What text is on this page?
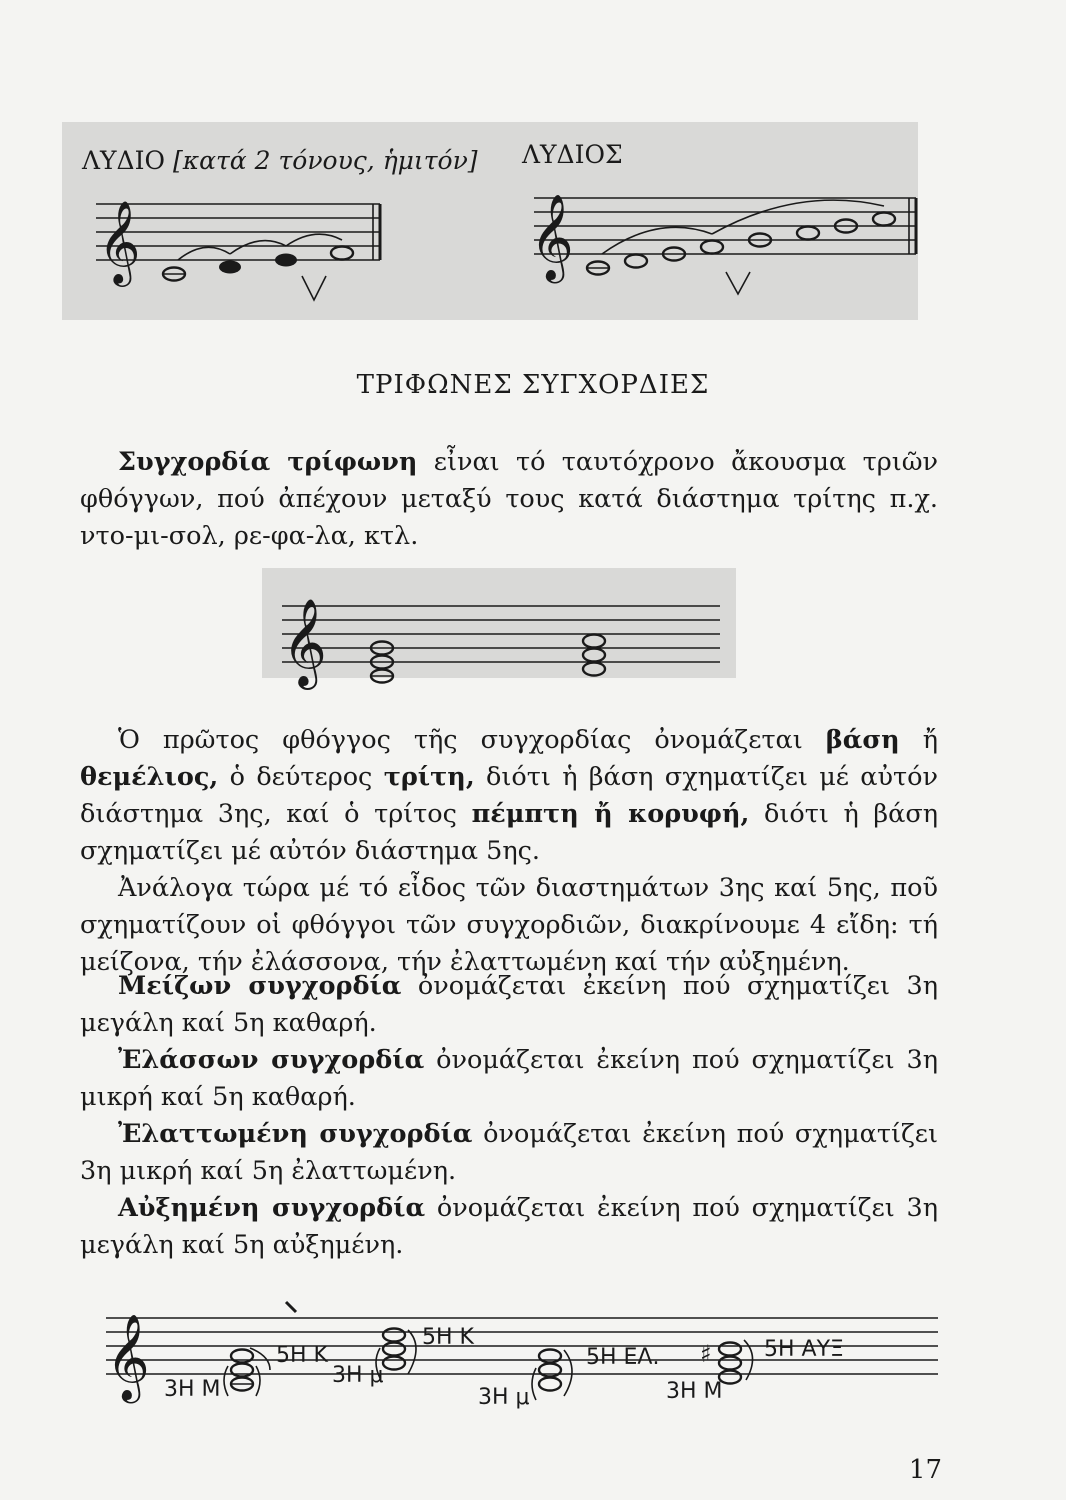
ΛΥΔΙΟ [κατά 2 τόνους, ἡμιτόν] ΛΥΔΙΟΣ
𝄞	𝄞
ΤΡΙΦΩΝΕΣ ΣΥΓΧΟΡΔΙΕΣ
Συγχορδία τρίφωνη εἶναι τό ταυτόχρονο ἄκουσμα τριῶν φθόγγων, πού ἀπέχουν μεταξύ τους κατά διάστημα τρίτης π.χ. ντο-μι-σολ, ρε-φα-λα, κτλ.
𝄞
Ὁ πρῶτος φθόγγος τῆς συγχορδίας ὀνομάζεται βάση ἤ θεμέλιος, ὁ δεύτερος τρίτη, διότι ἡ βάση σχηματίζει μέ αὐτόν διάστημα 3ης, καί ὁ τρίτος πέμπτη ἤ κορυφή, διότι ἡ βάση σχηματίζει μέ αὐτόν διάστημα 5ης.
Ἀνάλογα τώρα μέ τό εἶδος τῶν διαστημάτων 3ης καί 5ης, ποῦ σχηματίζουν οἱ φθόγγοι τῶν συγχορδιῶν, διακρίνουμε 4 εἴδη: τή μείζονα, τήν ἐλάσσονα, τήν ἐλαττωμένη καί τήν αὐξημένη.
Μείζων συγχορδία ὀνομάζεται ἐκείνη πού σχηματίζει 3η μεγάλη καί 5η καθαρή.
Ἐλάσσων συγχορδία ὀνομάζεται ἐκείνη πού σχηματίζει 3η μικρή καί 5η καθαρή.
Ἐλαττωμένη συγχορδία ὀνομάζεται ἐκείνη πού σχηματίζει 3η μικρή καί 5η ἐλαττωμένη.
Αὐξημένη συγχορδία ὀνομάζεται ἐκείνη πού σχηματίζει 3η μεγάλη καί 5η αὐξημένη.
𝄞 3Η Μ
5Η Κ
3Η μ
5Η Κ
3Η μ
5Η ΕΛ. ♯
3Η Μ
5Η ΑΥΞ
17
